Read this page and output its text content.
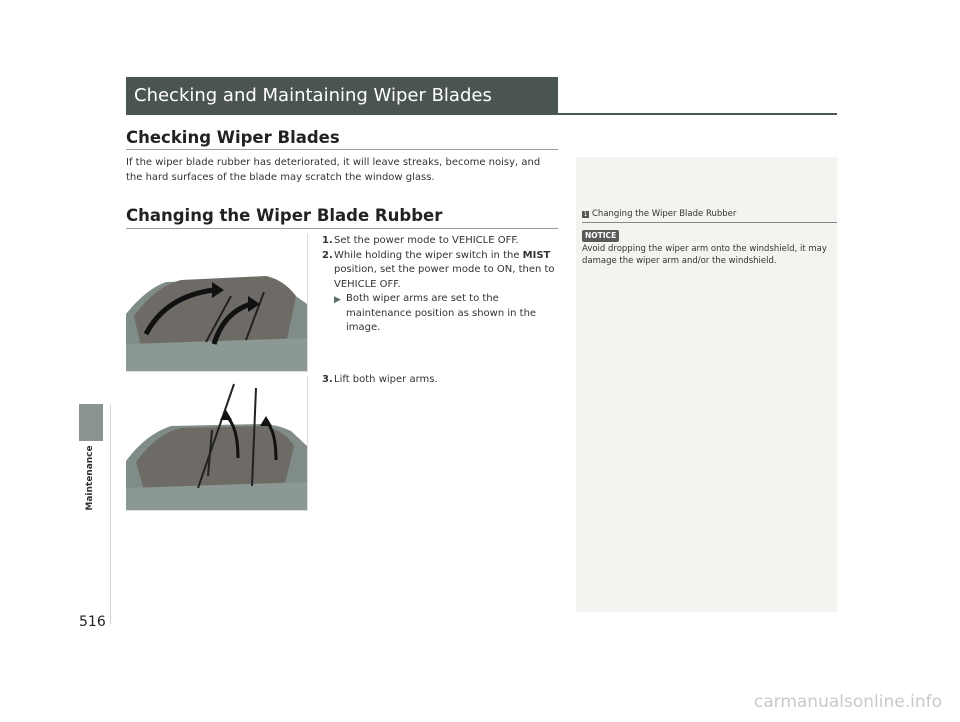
Maintenance
516
Checking and Maintaining Wiper Blades
Checking Wiper Blades
If the wiper blade rubber has deteriorated, it will leave streaks, become noisy, and the hard surfaces of the blade may scratch the window glass.
Changing the Wiper Blade Rubber
1. Set the power mode to VEHICLE OFF.
2. While holding the wiper switch in the MIST position, set the power mode to ON, then to VEHICLE OFF.
▶ Both wiper arms are set to the maintenance position as shown in the image.
3. Lift both wiper arms.
1 Changing the Wiper Blade Rubber
NOTICE
Avoid dropping the wiper arm onto the windshield, it may damage the wiper arm and/or the windshield.
carmanualsonline.info
